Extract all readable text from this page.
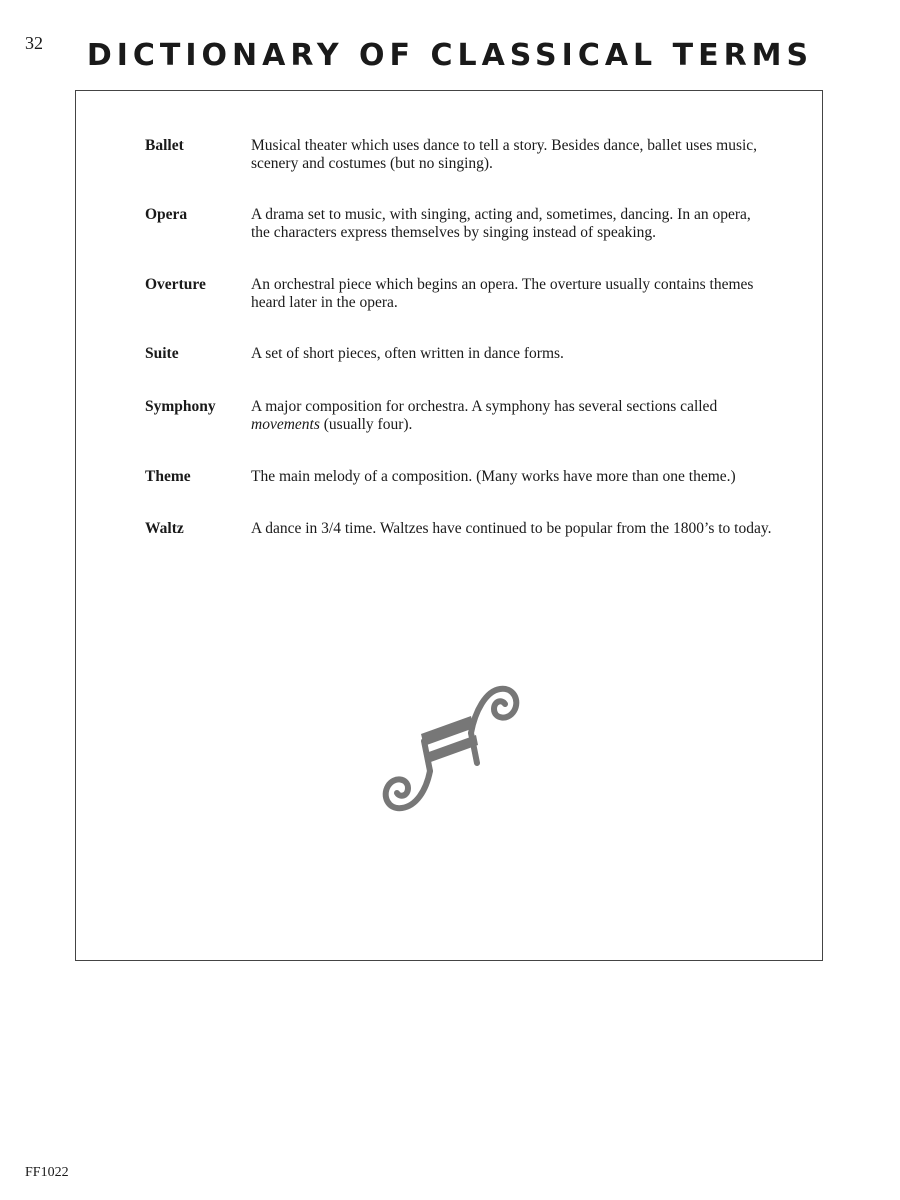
32	DICTIONARY OF CLASSICAL TERMS
Ballet	Musical theater which uses dance to tell a story. Besides dance, ballet uses music,
scenery and costumes (but no singing).
Opera	A drama set to music, with singing, acting and, sometimes, dancing. In an opera,
the characters express themselves by singing instead of speaking.
Overture	An orchestral piece which begins an opera. The overture usually contains themes
heard later in the opera.
Suite	A set of short pieces, often written in dance forms.
Symphony A major composition for orchestra. A symphony has several sections called
movements (usually four).
Theme	The main melody of a composition. (Many works have more than one theme.)
Waltz	A dance in 3/4 time. Waltzes have continued to be popular from the 1800’s to today.
FF1022
